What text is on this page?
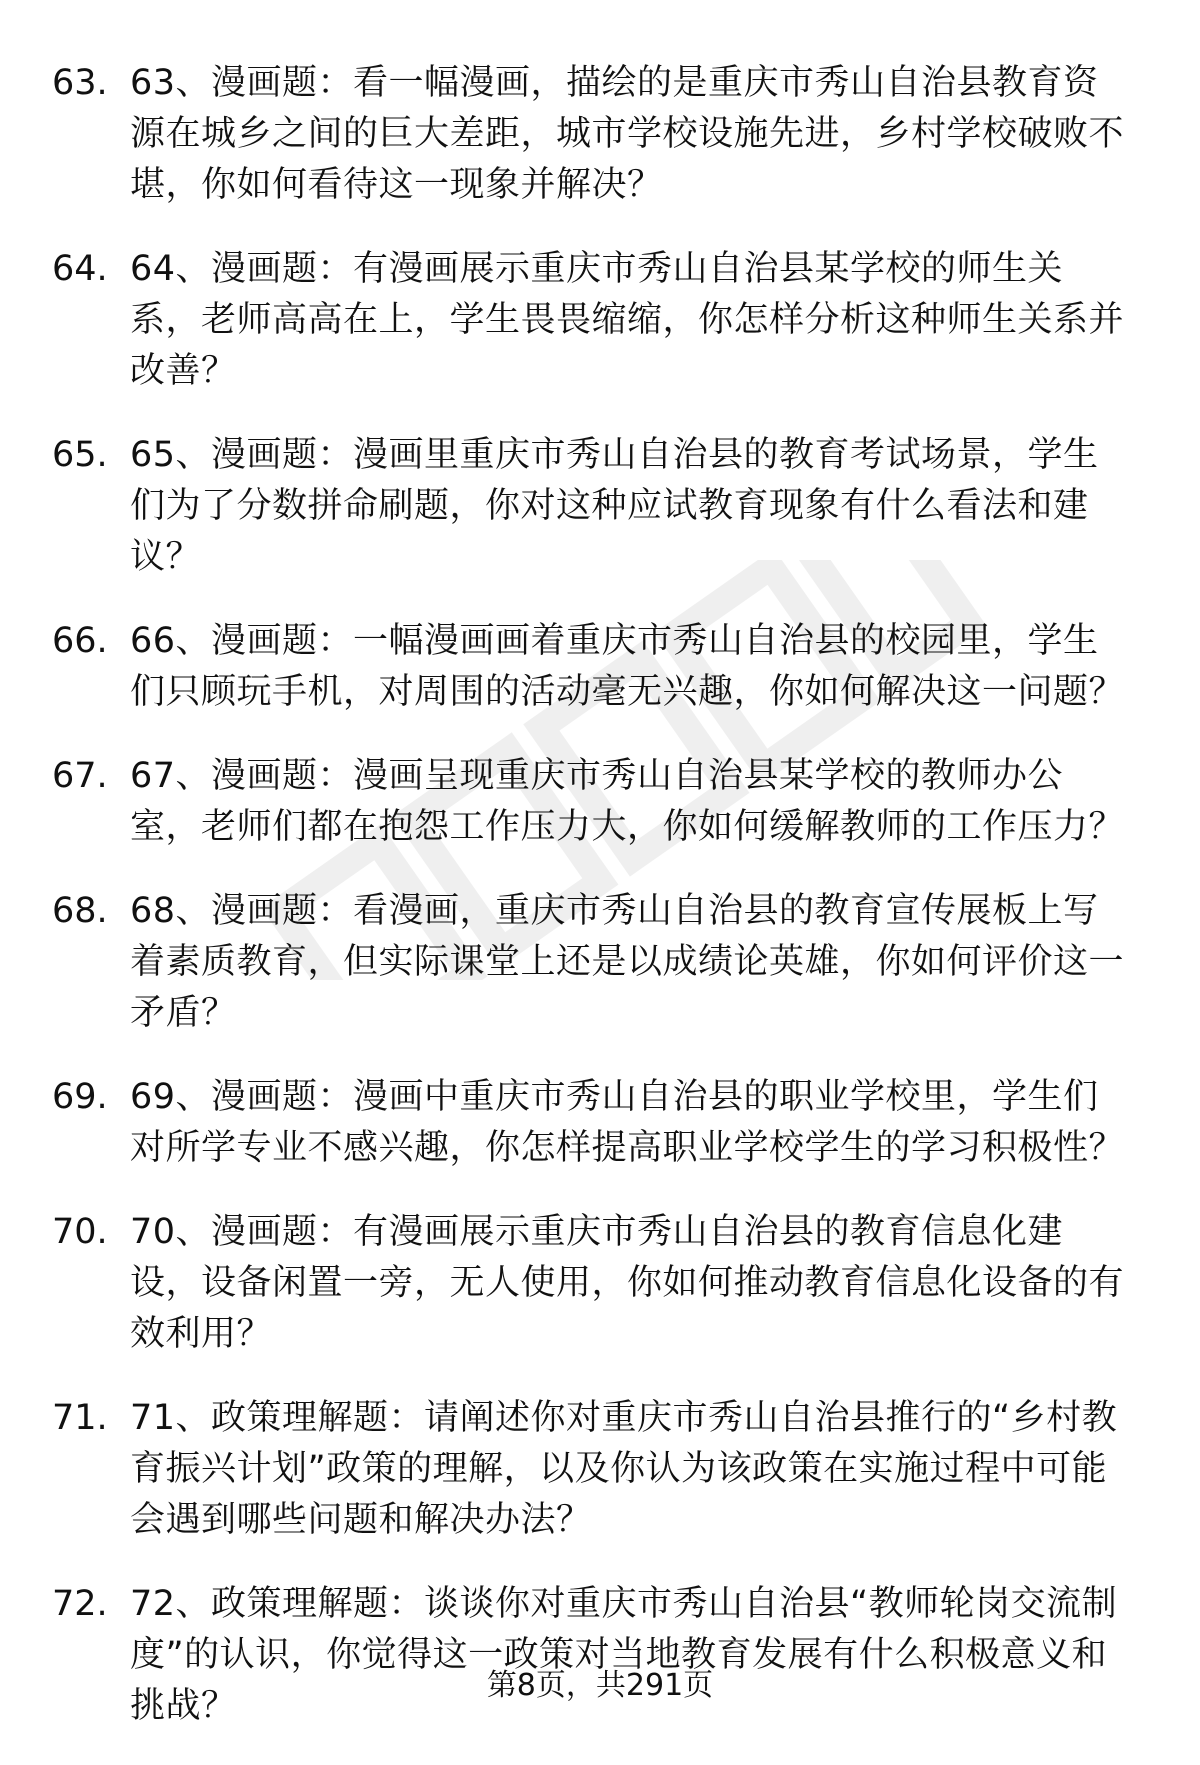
63. 63、漫画题：看一幅漫画，描绘的是重庆市秀山自治县教育资源在城乡之间的巨大差距，城市学校设施先进，乡村学校破败不堪，你如何看待这一现象并解决？
64. 64、漫画题：有漫画展示重庆市秀山自治县某学校的师生关系，老师高高在上，学生畏畏缩缩，你怎样分析这种师生关系并改善？
65. 65、漫画题：漫画里重庆市秀山自治县的教育考试场景，学生们为了分数拼命刷题，你对这种应试教育现象有什么看法和建议？
66. 66、漫画题：一幅漫画画着重庆市秀山自治县的校园里，学生们只顾玩手机，对周围的活动毫无兴趣，你如何解决这一问题？
67. 67、漫画题：漫画呈现重庆市秀山自治县某学校的教师办公室，老师们都在抱怨工作压力大，你如何缓解教师的工作压力？
68. 68、漫画题：看漫画，重庆市秀山自治县的教育宣传展板上写着素质教育，但实际课堂上还是以成绩论英雄，你如何评价这一矛盾？
69. 69、漫画题：漫画中重庆市秀山自治县的职业学校里，学生们对所学专业不感兴趣，你怎样提高职业学校学生的学习积极性？
70. 70、漫画题：有漫画展示重庆市秀山自治县的教育信息化建设，设备闲置一旁，无人使用，你如何推动教育信息化设备的有效利用？
71. 71、政策理解题：请阐述你对重庆市秀山自治县推行的“乡村教育振兴计划”政策的理解，以及你认为该政策在实施过程中可能会遇到哪些问题和解决办法？
72. 72、政策理解题：谈谈你对重庆市秀山自治县“教师轮岗交流制度”的认识，你觉得这一政策对当地教育发展有什么积极意义和挑战？
第8页，共291页
